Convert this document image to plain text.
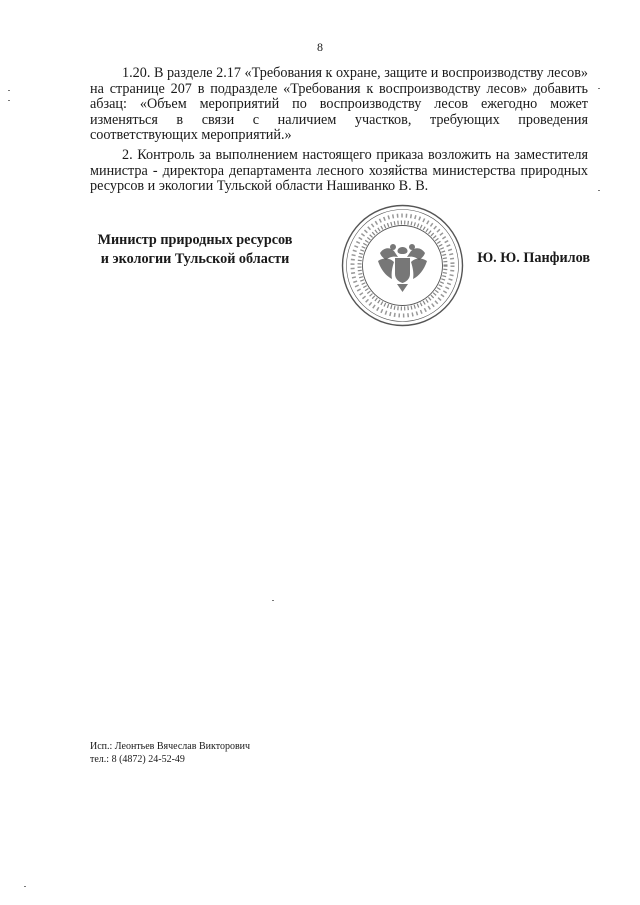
8

1.20. В разделе 2.17 «Требования к охране, защите и воспроизводству лесов» на странице 207 в подразделе «Требования к воспроизводству лесов» добавить абзац: «Объем мероприятий по воспроизводству лесов ежегодно может изменяться в связи с наличием участков, требующих проведения соответствующих мероприятий.»

2. Контроль за выполнением настоящего приказа возложить на заместителя министра - директора департамента лесного хозяйства министерства природных ресурсов и экологии Тульской области Нашиванко В. В.

Министр природных ресурсов
и экологии Тульской области	Ю. Ю. Панфилов
Исп.: Леонтьев Вячеслав Викторович
тел.: 8 (4872) 24-52-49
